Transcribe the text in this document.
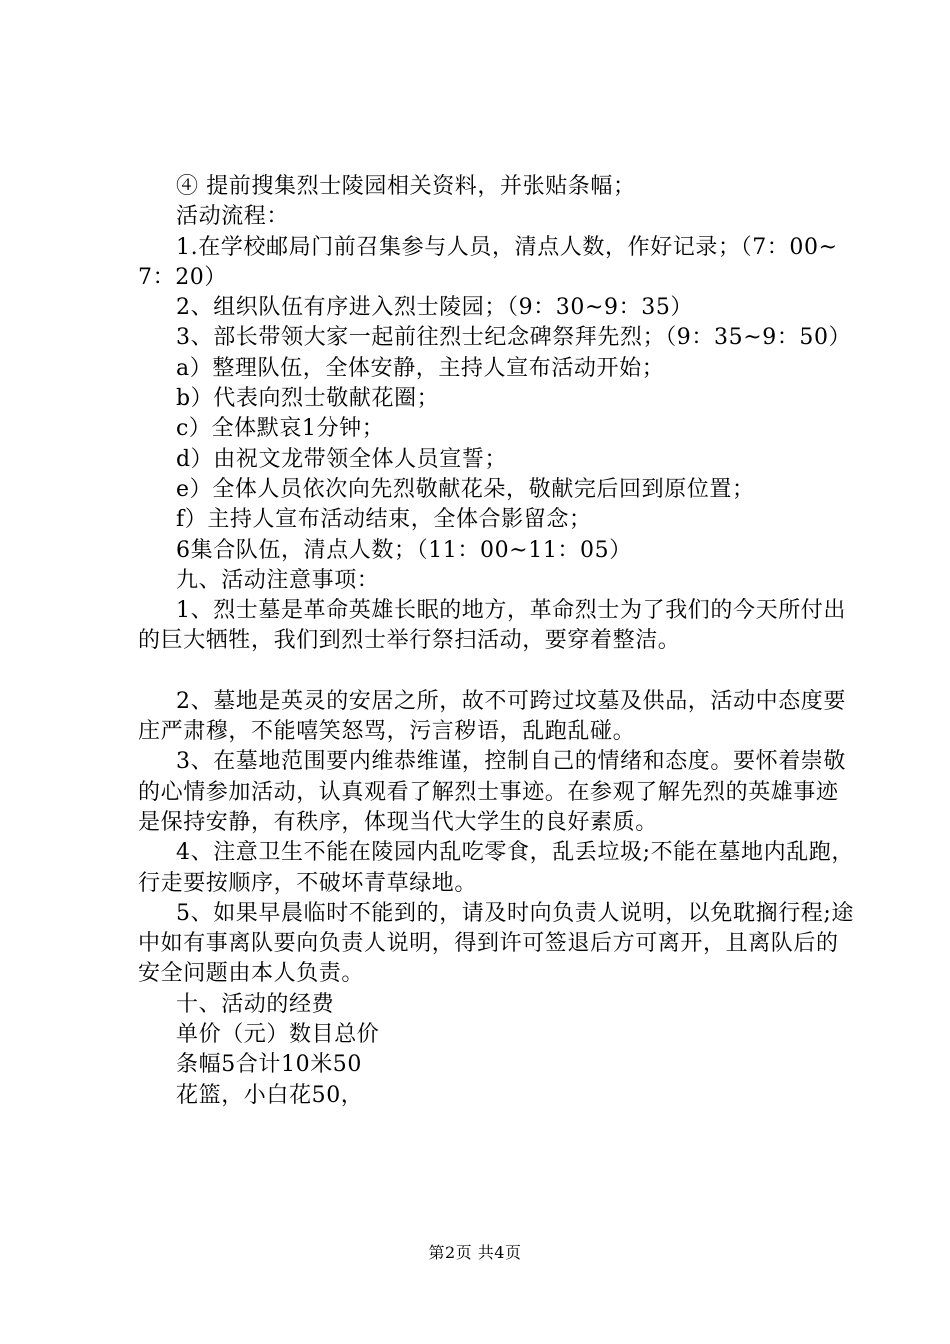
④ 提前搜集烈士陵园相关资料，并张贴条幅；

活动流程：

1.在学校邮局门前召集参与人员，清点人数，作好记录；（7：00~7：20）

2、组织队伍有序进入烈士陵园；（9：30~9：35）

3、部长带领大家一起前往烈士纪念碑祭拜先烈；（9：35~9：50）

a）整理队伍，全体安静，主持人宣布活动开始；

b）代表向烈士敬献花圈；

c）全体默哀1分钟；

d）由祝文龙带领全体人员宣誓；

e）全体人员依次向先烈敬献花朵，敬献完后回到原位置；

f）主持人宣布活动结束，全体合影留念；

6集合队伍，清点人数；（11：00~11：05）

九、活动注意事项：

1、烈士墓是革命英雄长眠的地方，革命烈士为了我们的今天所付出的巨大牺牲，我们到烈士举行祭扫活动，要穿着整洁。

2、墓地是英灵的安居之所，故不可跨过坟墓及供品，活动中态度要庄严肃穆，不能嘻笑怒骂，污言秽语，乱跑乱碰。

3、在墓地范围要内维恭维谨，控制自己的情绪和态度。要怀着崇敬的心情参加活动，认真观看了解烈士事迹。在参观了解先烈的英雄事迹是保持安静，有秩序，体现当代大学生的良好素质。

4、注意卫生不能在陵园内乱吃零食，乱丢垃圾;不能在墓地内乱跑，行走要按顺序，不破坏青草绿地。

5、如果早晨临时不能到的，请及时向负责人说明，以免耽搁行程;途中如有事离队要向负责人说明，得到许可签退后方可离开，且离队后的安全问题由本人负责。

十、活动的经费

单价（元）数目总价

条幅5合计10米50

花篮，小白花50，

第2页 共4页
